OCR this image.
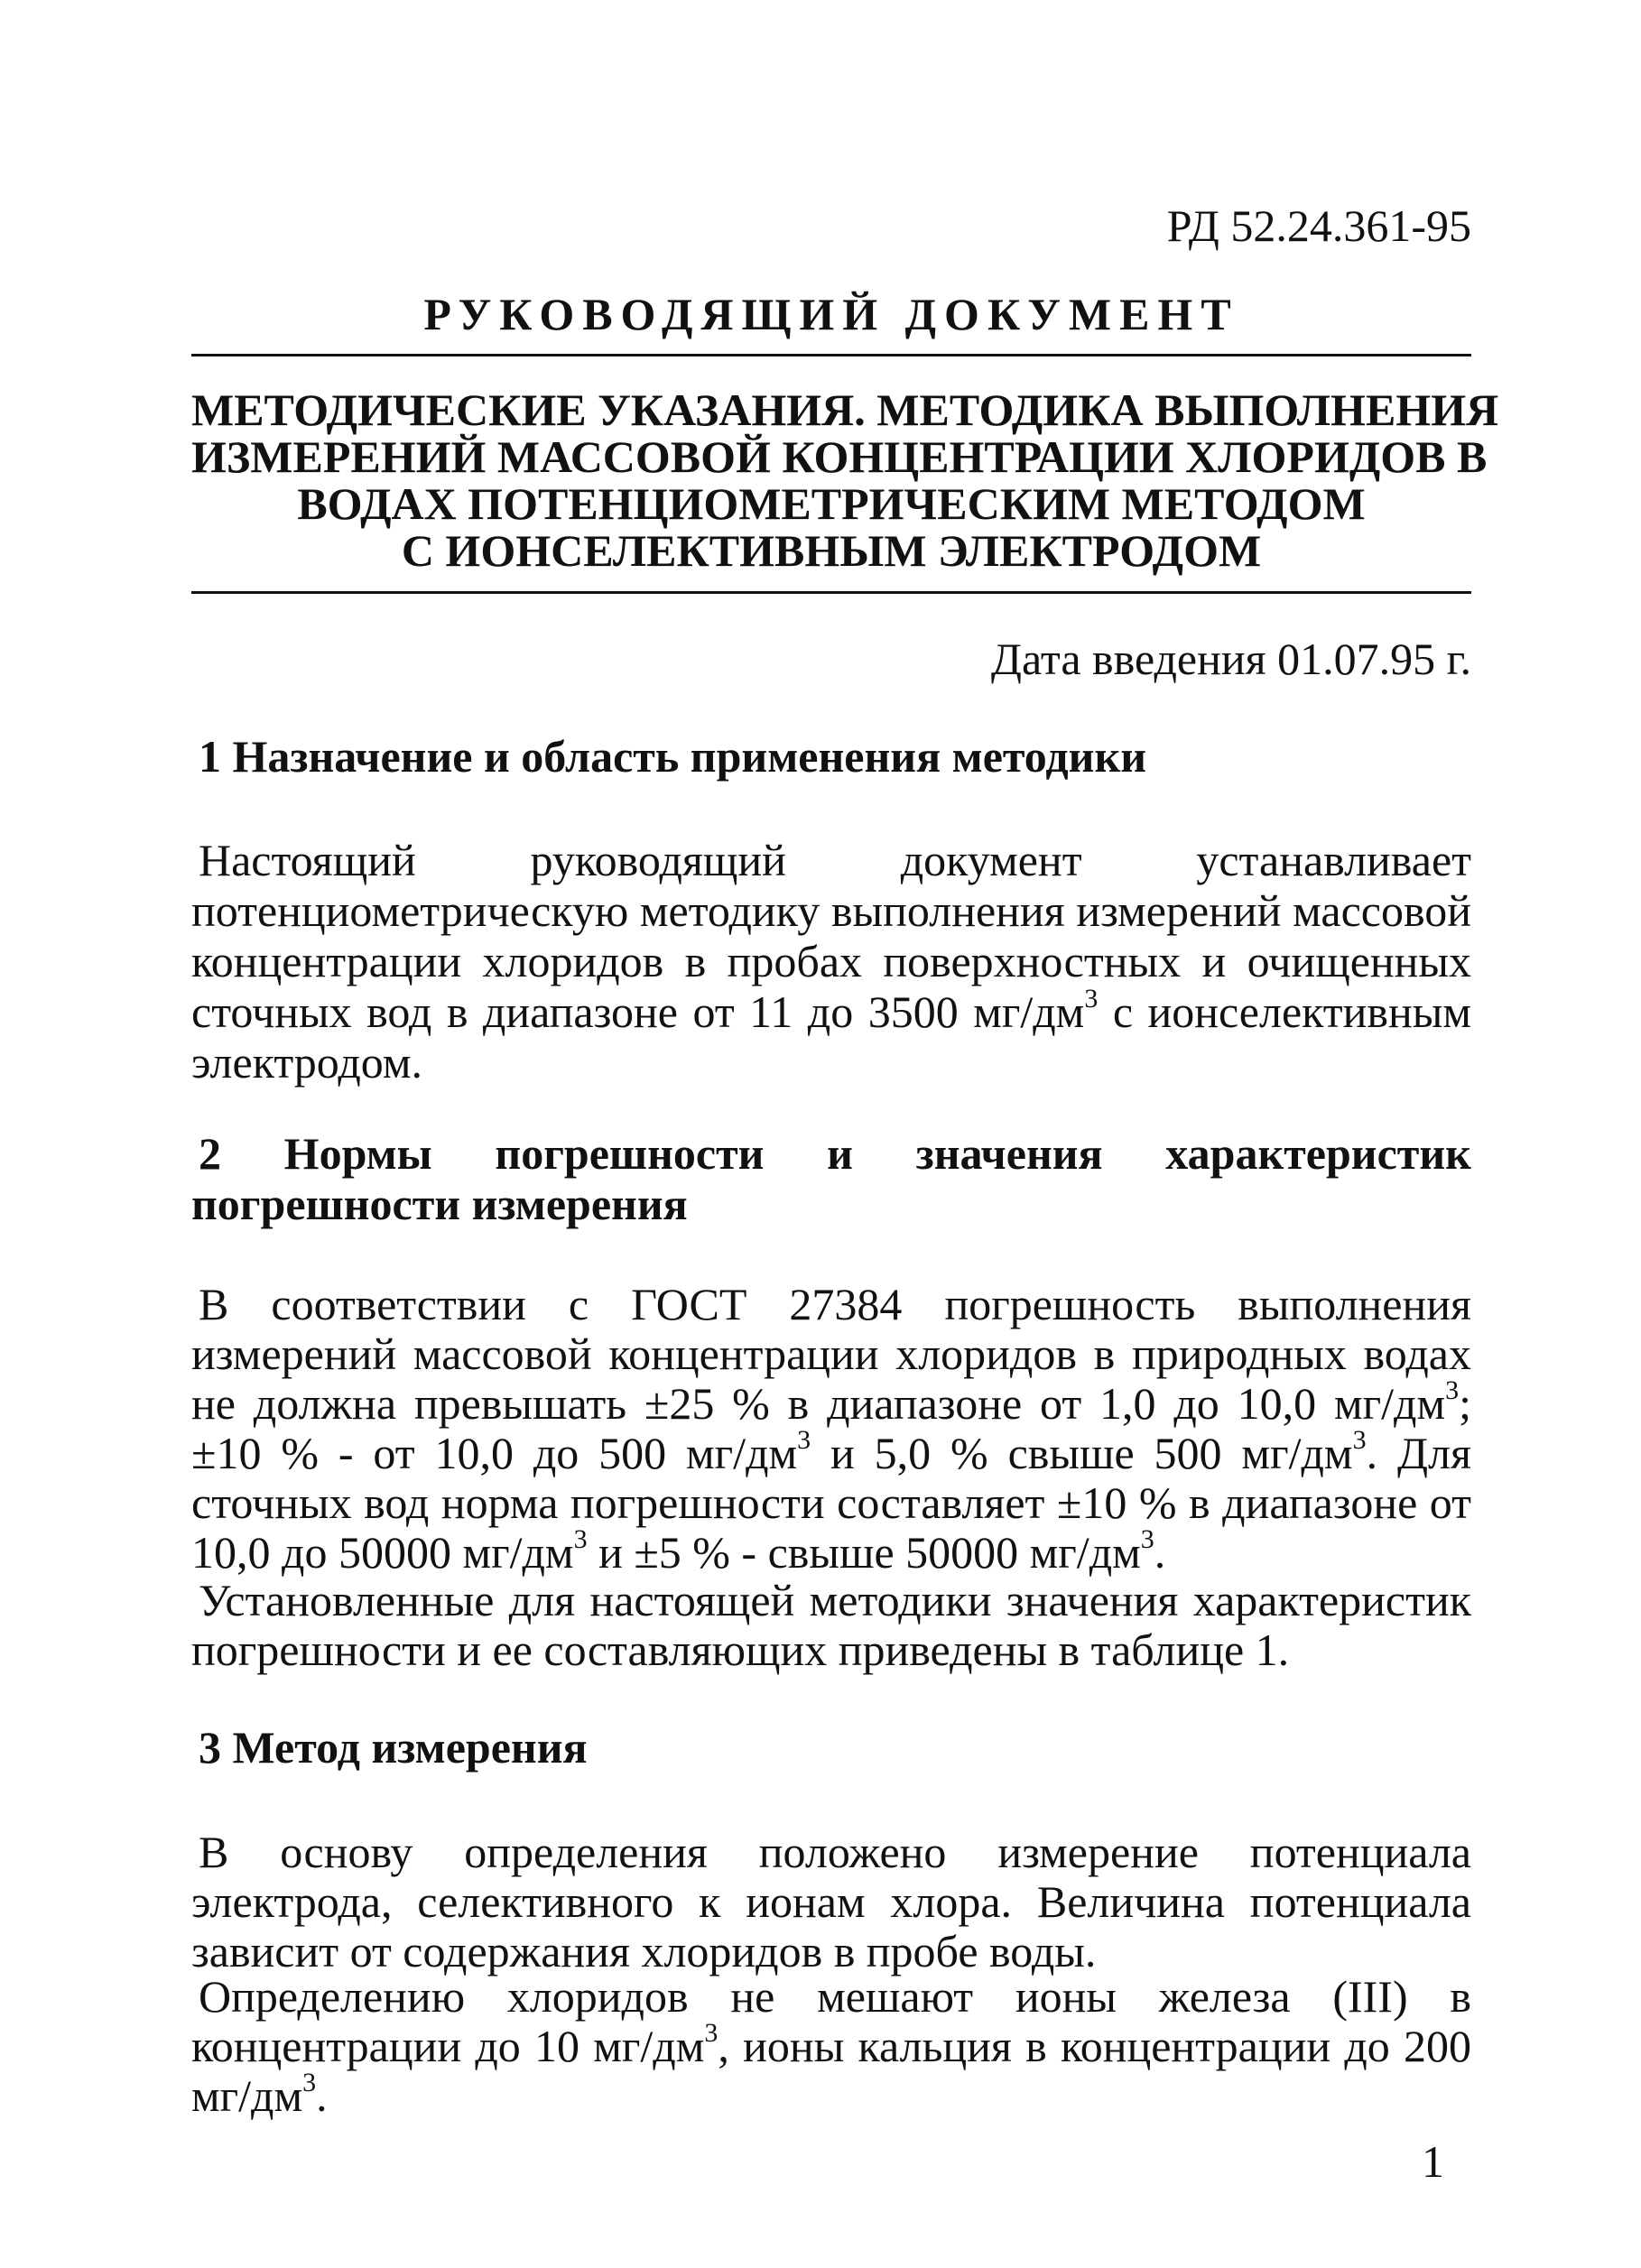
РД 52.24.361-95
РУКОВОДЯЩИЙ ДОКУМЕНТ
МЕТОДИЧЕСКИЕ УКАЗАНИЯ. МЕТОДИКА ВЫПОЛНЕНИЯ
ИЗМЕРЕНИЙ МАССОВОЙ КОНЦЕНТРАЦИИ ХЛОРИДОВ В
ВОДАХ ПОТЕНЦИОМЕТРИЧЕСКИМ МЕТОДОМ
С ИОНСЕЛЕКТИВНЫМ ЭЛЕКТРОДОМ
Дата введения 01.07.95 г.
1 Назначение и область применения методики
Настоящий руководящий документ устанавливает потенциометрическую методику выполнения измерений массовой концентрации хлоридов в пробах поверхностных и очищенных сточных вод в диапазоне от 11 до 3500 $мг/дм^3$ с ионселективным электродом.
2 Нормы погрешности и значения характеристик погрешности измерения
В соответствии с ГОСТ 27384 погрешность выполнения измерений массовой концентрации хлоридов в природных водах не должна превышать ±25 % в диапазоне от 1,0 до 10,0 $мг/дм^3$; ±10 % - от 10,0 до 500 $мг/дм^3$ и 5,0 % свыше 500 $мг/дм^3$. Для сточных вод норма погрешности составляет ±10 % в диапазоне от 10,0 до 50000 $мг/дм^3$ и ±5 % - свыше 50000 $мг/дм^3$.
Установленные для настоящей методики значения характеристик погрешности и ее составляющих приведены в таблице 1.
3 Метод измерения
В основу определения положено измерение потенциала электрода, селективного к ионам хлора. Величина потенциала зависит от содержания хлоридов в пробе воды.
Определению хлоридов не мешают ионы железа (III) в концентрации до 10 $мг/дм^3$, ионы кальция в концентрации до 200 $мг/дм^3$.
1
